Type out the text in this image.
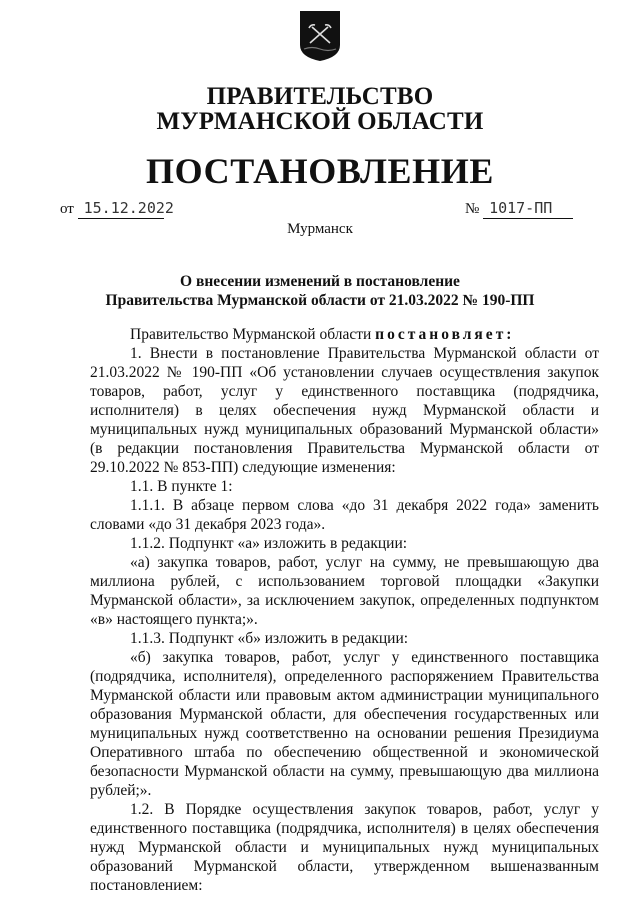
ПРАВИТЕЛЬСТВО
МУРМАНСКОЙ ОБЛАСТИ
ПОСТАНОВЛЕНИЕ
от 15.12.2022	№ 1017-ПП
Мурманск
О внесении изменений в постановление
Правительства Мурманской области от 21.03.2022 № 190-ПП

Правительство Мурманской области постановляет:

1. Внести в постановление Правительства Мурманской области от 21.03.2022 № 190-ПП «Об установлении случаев осуществления закупок товаров, работ, услуг у единственного поставщика (подрядчика, исполнителя) в целях обеспечения нужд Мурманской области и муниципальных нужд муниципальных образований Мурманской области» (в редакции постановления Правительства Мурманской области от 29.10.2022 № 853-ПП) следующие изменения:

1.1. В пункте 1:

1.1.1. В абзаце первом слова «до 31 декабря 2022 года» заменить словами «до 31 декабря 2023 года».

1.1.2. Подпункт «а» изложить в редакции:

«а) закупка товаров, работ, услуг на сумму, не превышающую два миллиона рублей, с использованием торговой площадки «Закупки Мурманской области», за исключением закупок, определенных подпунктом «в» настоящего пункта;».

1.1.3. Подпункт «б» изложить в редакции:

«б) закупка товаров, работ, услуг у единственного поставщика (подрядчика, исполнителя), определенного распоряжением Правительства Мурманской области или правовым актом администрации муниципального образования Мурманской области, для обеспечения государственных или муниципальных нужд соответственно на основании решения Президиума Оперативного штаба по обеспечению общественной и экономической безопасности Мурманской области на сумму, превышающую два миллиона рублей;».

1.2. В Порядке осуществления закупок товаров, работ, услуг у единственного поставщика (подрядчика, исполнителя) в целях обеспечения нужд Мурманской области и муниципальных нужд муниципальных образований Мурманской области, утвержденном вышеназванным постановлением:
